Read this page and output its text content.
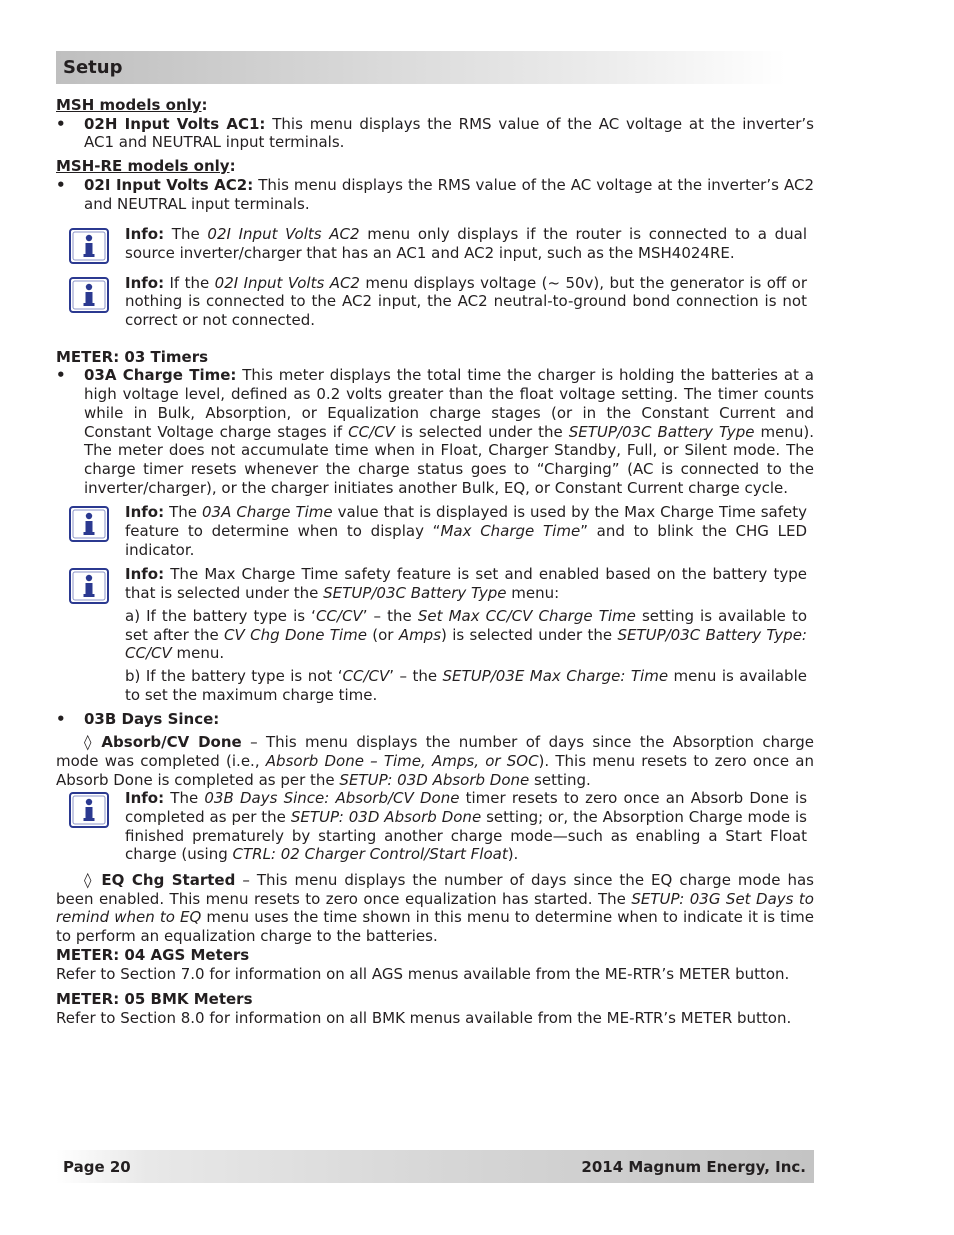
Setup

MSH models only:

• 02H Input Volts AC1: This menu displays the RMS value of the AC voltage at the inverter’s AC1 and NEUTRAL input terminals.

MSH-RE models only:

• 02I Input Volts AC2: This menu displays the RMS value of the AC voltage at the inverter’s AC2 and NEUTRAL input terminals.

Info: The 02I Input Volts AC2 menu only displays if the router is connected to a dual source inverter/charger that has an AC1 and AC2 input, such as the MSH4024RE.

Info: If the 02I Input Volts AC2 menu displays voltage (~ 50v), but the generator is off or nothing is connected to the AC2 input, the AC2 neutral-to-ground bond connection is not correct or not connected.

METER: 03 Timers

• 03A Charge Time: This meter displays the total time the charger is holding the batteries at a high voltage level, defined as 0.2 volts greater than the float voltage setting. The timer counts while in Bulk, Absorption, or Equalization charge stages (or in the Constant Current and Constant Voltage charge stages if CC/CV is selected under the SETUP/03C Battery Type menu). The meter does not accumulate time when in Float, Charger Standby, Full, or Silent mode. The charge timer resets whenever the charge status goes to “Charging” (AC is connected to the inverter/charger), or the charger initiates another Bulk, EQ, or Constant Current charge cycle.

Info: The 03A Charge Time value that is displayed is used by the Max Charge Time safety feature to determine when to display “Max Charge Time” and to blink the CHG LED indicator.

Info: The Max Charge Time safety feature is set and enabled based on the battery type that is selected under the SETUP/03C Battery Type menu:

a) If the battery type is ‘CC/CV’ – the Set Max CC/CV Charge Time setting is available to set after the CV Chg Done Time (or Amps) is selected under the SETUP/03C Battery Type: CC/CV menu.

b) If the battery type is not ‘CC/CV’ – the SETUP/03E Max Charge: Time menu is available to set the maximum charge time.

• 03B Days Since:

◊ Absorb/CV Done – This menu displays the number of days since the Absorption charge mode was completed (i.e., Absorb Done – Time, Amps, or SOC). This menu resets to zero once an Absorb Done is completed as per the SETUP: 03D Absorb Done setting.

Info: The 03B Days Since: Absorb/CV Done timer resets to zero once an Absorb Done is completed as per the SETUP: 03D Absorb Done setting; or, the Absorption Charge mode is finished prematurely by starting another charge mode—such as enabling a Start Float charge (using CTRL: 02 Charger Control/Start Float).

◊ EQ Chg Started – This menu displays the number of days since the EQ charge mode has been enabled. This menu resets to zero once equalization has started. The SETUP: 03G Set Days to remind when to EQ menu uses the time shown in this menu to determine when to indicate it is time to perform an equalization charge to the batteries.

METER: 04 AGS Meters

Refer to Section 7.0 for information on all AGS menus available from the ME-RTR’s METER button.

METER: 05 BMK Meters

Refer to Section 8.0 for information on all BMK menus available from the ME-RTR’s METER button.

Page 20	2014 Magnum Energy, Inc.
